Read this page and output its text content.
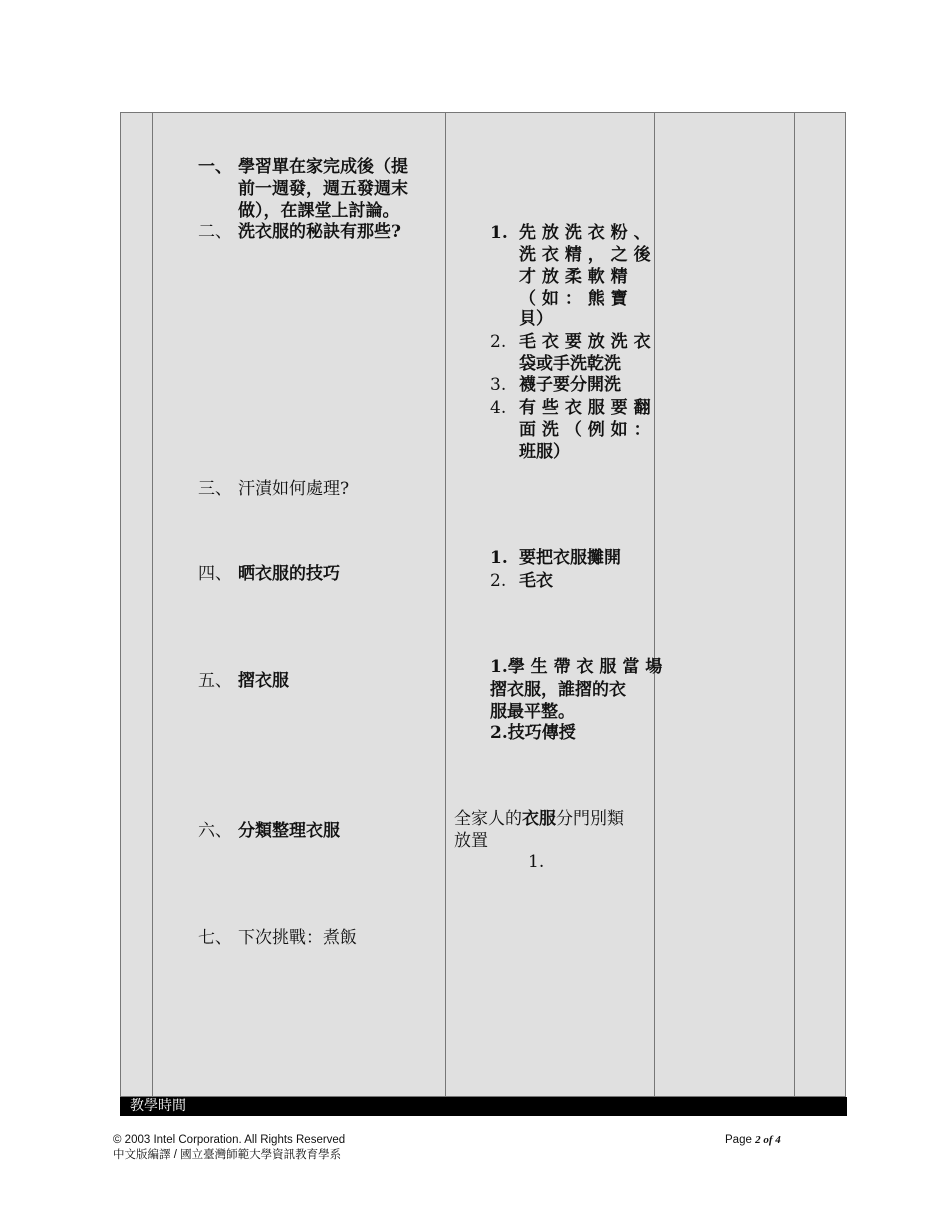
一、 學習單在家完成後（提
前一週發，週五發週末
做），在課堂上討論。
二、 洗衣服的秘訣有那些?
三、 汗漬如何處理?
四、 晒衣服的技巧
五、 摺衣服
六、 分類整理衣服
七、 下次挑戰：煮飯
1. 先 放 洗 衣 粉 、
洗 衣 精 ， 之 後
才 放 柔 軟 精
（ 如 ： 熊 寶
貝）
2. 毛 衣 要 放 洗 衣
袋或手洗乾洗
3. 襪子要分開洗
4. 有 些 衣 服 要 翻
面 洗 （ 例 如 ：
班服）
1. 要把衣服攤開
2. 毛衣
1.學 生 帶 衣 服 當 場
摺衣服，誰摺的衣
服最平整。
2.技巧傳授
全家人的衣服分門別類
放置
1.
教學時間
© 2003 Intel Corporation. All Rights Reserved
中文版編譯 / 國立臺灣師範大學資訊教育學系
Page 2 of 4
